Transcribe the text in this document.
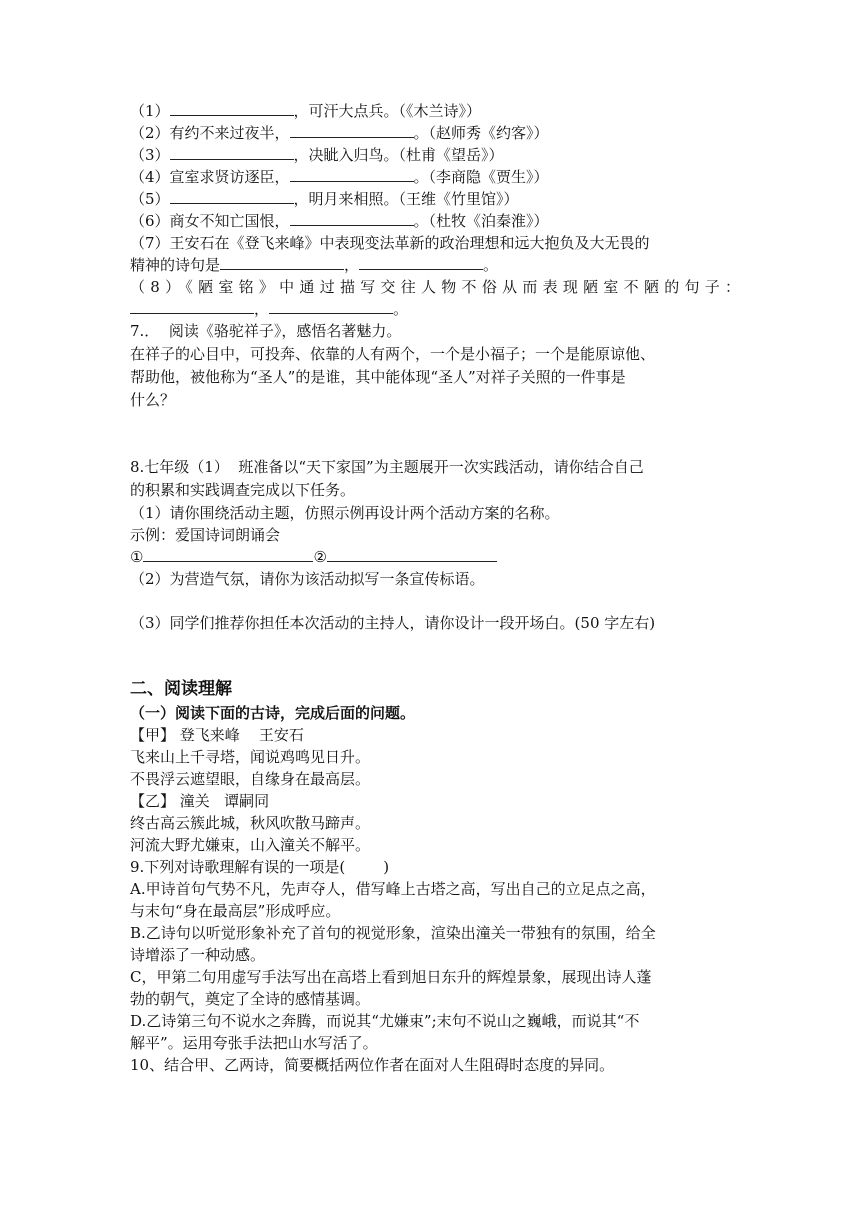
（1）	，可汗大点兵。（《木兰诗》）
（2）有约不来过夜半，	。（赵师秀《约客》）
（3）	，决眦入归鸟。（杜甫《望岳》）
（4）宣室求贤访逐臣，	。（李商隐《贾生》）
（5）	，明月来相照。（王维《竹里馆》）
（6）商女不知亡国恨，	。（杜牧《泊秦淮》）

（7）王安石在《登飞来峰》中表现变法革新的政治理想和远大抱负及大无畏的

精神的诗句是	，	。

（8）《陋室铭》中通过描写交往人物不俗从而表现陋室不陋的句子：

，	。

7.．  阅读《骆驼祥子》，感悟名著魅力。

在祥子的心目中，可投奔、依靠的人有两个，一个是小福子；一个是能原谅他、

帮助他，被他称为“圣人”的是谁，其中能体现“圣人”对祥子关照的一件事是

什么？

8.七年级（1）  班准备以“天下家国”为主题展开一次实践活动，请你结合自己

的积累和实践调查完成以下任务。

（1）请你围绕活动主题，仿照示例再设计两个活动方案的名称。

示例：爱国诗词朗诵会

①	②

（2）为营造气氛，请你为该活动拟写一条宣传标语。

（3）同学们推荐你担任本次活动的主持人，请你设计一段开场白。(50 字左右)

二、阅读理解

（一）阅读下面的古诗，完成后面的问题。

【甲】 登飞来峰    王安石

飞来山上千寻塔，闻说鸡鸣见日升。

不畏浮云遮望眼，自缘身在最高层。

【乙】 潼关   谭嗣同

终古高云簇此城，秋风吹散马蹄声。

河流大野尤嫌束，山入潼关不解平。

9.下列对诗歌理解有误的一项是(        )

A.甲诗首句气势不凡，先声夺人，借写峰上古塔之高，写出自己的立足点之高，

与末句“身在最高层”形成呼应。

B.乙诗句以听觉形象补充了首句的视觉形象，渲染出潼关一带独有的氛围，给全

诗增添了一种动感。

C，甲第二句用虚写手法写出在高塔上看到旭日东升的辉煌景象，展现出诗人蓬

勃的朝气，奠定了全诗的感情基调。

D.乙诗第三句不说水之奔腾，而说其“尤嫌束”;末句不说山之巍峨，而说其“不

解平”。运用夸张手法把山水写活了。

10、结合甲、乙两诗，简要概括两位作者在面对人生阻碍时态度的异同。
